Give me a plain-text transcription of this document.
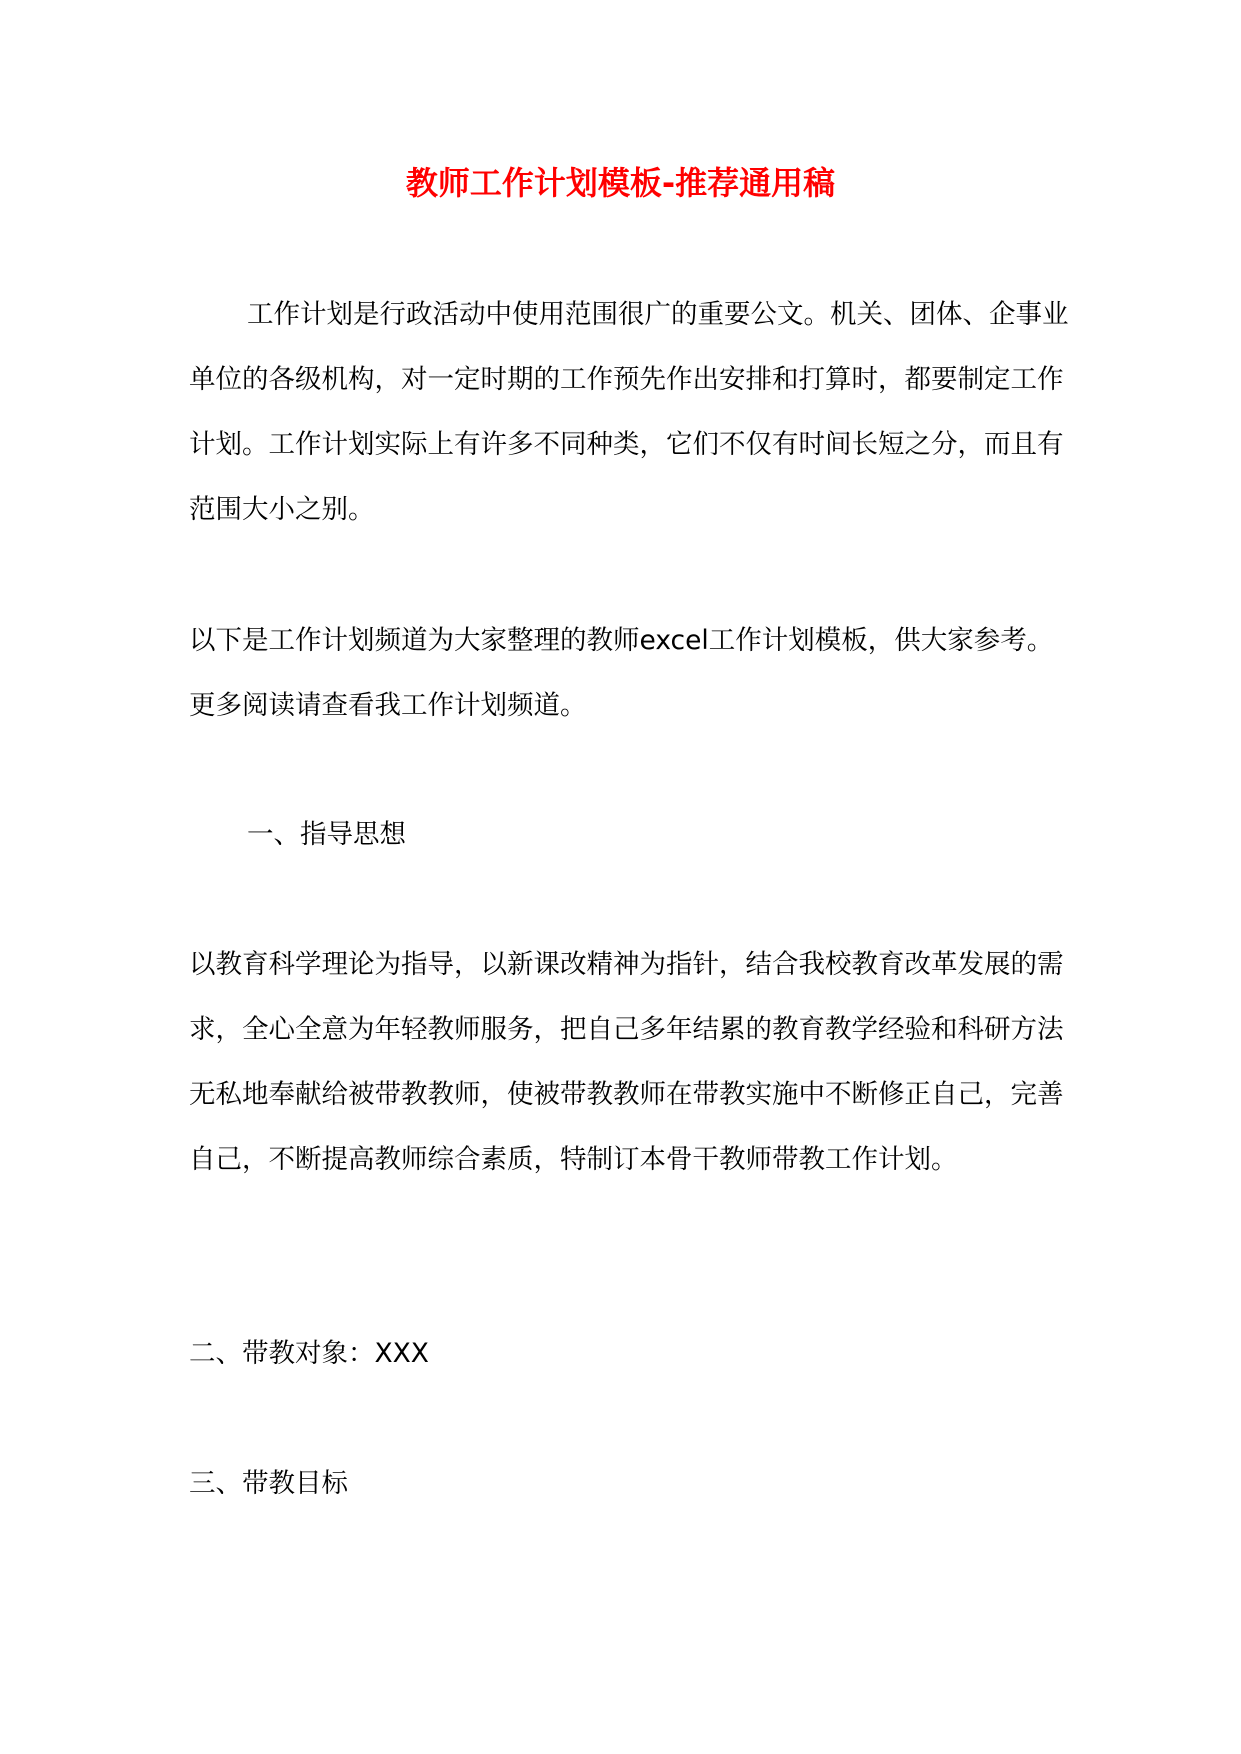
教师工作计划模板-推荐通用稿

工作计划是行政活动中使用范围很广的重要公文。机关、团体、企事业单位的各级机构，对一定时期的工作预先作出安排和打算时，都要制定工作计划。工作计划实际上有许多不同种类，它们不仅有时间长短之分，而且有范围大小之别。

以下是工作计划频道为大家整理的教师excel工作计划模板，供大家参考。更多阅读请查看我工作计划频道。

一、指导思想

以教育科学理论为指导，以新课改精神为指针，结合我校教育改革发展的需求，全心全意为年轻教师服务，把自己多年结累的教育教学经验和科研方法无私地奉献给被带教教师，使被带教教师在带教实施中不断修正自己，完善自己，不断提高教师综合素质，特制订本骨干教师带教工作计划。

二、带教对象：XXX

三、带教目标
